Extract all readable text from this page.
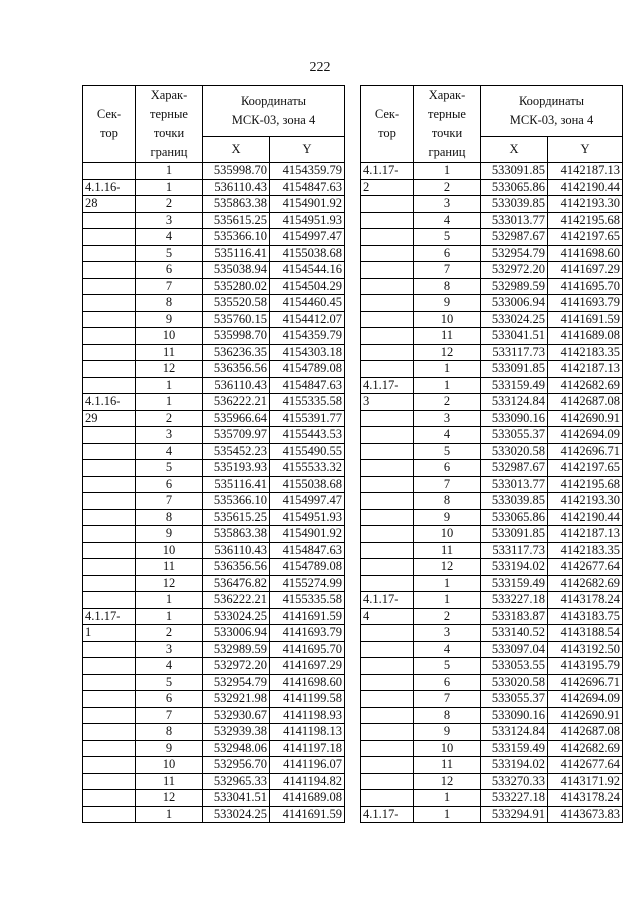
222
Сек-
тор	Харак-
терные
точки
границ	Координаты
МСК-03, зона 4	
		X	Y
	1	535998.70	4154359.79
4.1.16-	1	536110.43	4154847.63
28	2	535863.38	4154901.92
	3	535615.25	4154951.93
	4	535366.10	4154997.47
	5	535116.41	4155038.68
	6	535038.94	4154544.16
	7	535280.02	4154504.29
	8	535520.58	4154460.45
	9	535760.15	4154412.07
	10	535998.70	4154359.79
	11	536236.35	4154303.18
	12	536356.56	4154789.08
	1	536110.43	4154847.63
4.1.16-	1	536222.21	4155335.58
29	2	535966.64	4155391.77
	3	535709.97	4155443.53
	4	535452.23	4155490.55
	5	535193.93	4155533.32
	6	535116.41	4155038.68
	7	535366.10	4154997.47
	8	535615.25	4154951.93
	9	535863.38	4154901.92
	10	536110.43	4154847.63
	11	536356.56	4154789.08
	12	536476.82	4155274.99
	1	536222.21	4155335.58
4.1.17-	1	533024.25	4141691.59
1	2	533006.94	4141693.79
	3	532989.59	4141695.70
	4	532972.20	4141697.29
	5	532954.79	4141698.60
	6	532921.98	4141199.58
	7	532930.67	4141198.93
	8	532939.38	4141198.13
	9	532948.06	4141197.18
	10	532956.70	4141196.07
	11	532965.33	4141194.82
	12	533041.51	4141689.08
	1	533024.25	4141691.59
Сек-
тор	Харак-
терные
точки
границ	Координаты
МСК-03, зона 4	
		X	Y
4.1.17-	1	533091.85	4142187.13
2	2	533065.86	4142190.44
	3	533039.85	4142193.30
	4	533013.77	4142195.68
	5	532987.67	4142197.65
	6	532954.79	4141698.60
	7	532972.20	4141697.29
	8	532989.59	4141695.70
	9	533006.94	4141693.79
	10	533024.25	4141691.59
	11	533041.51	4141689.08
	12	533117.73	4142183.35
	1	533091.85	4142187.13
4.1.17-	1	533159.49	4142682.69
3	2	533124.84	4142687.08
	3	533090.16	4142690.91
	4	533055.37	4142694.09
	5	533020.58	4142696.71
	6	532987.67	4142197.65
	7	533013.77	4142195.68
	8	533039.85	4142193.30
	9	533065.86	4142190.44
	10	533091.85	4142187.13
	11	533117.73	4142183.35
	12	533194.02	4142677.64
	1	533159.49	4142682.69
4.1.17-	1	533227.18	4143178.24
4	2	533183.87	4143183.75
	3	533140.52	4143188.54
	4	533097.04	4143192.50
	5	533053.55	4143195.79
	6	533020.58	4142696.71
	7	533055.37	4142694.09
	8	533090.16	4142690.91
	9	533124.84	4142687.08
	10	533159.49	4142682.69
	11	533194.02	4142677.64
	12	533270.33	4143171.92
	1	533227.18	4143178.24
4.1.17-	1	533294.91	4143673.83
